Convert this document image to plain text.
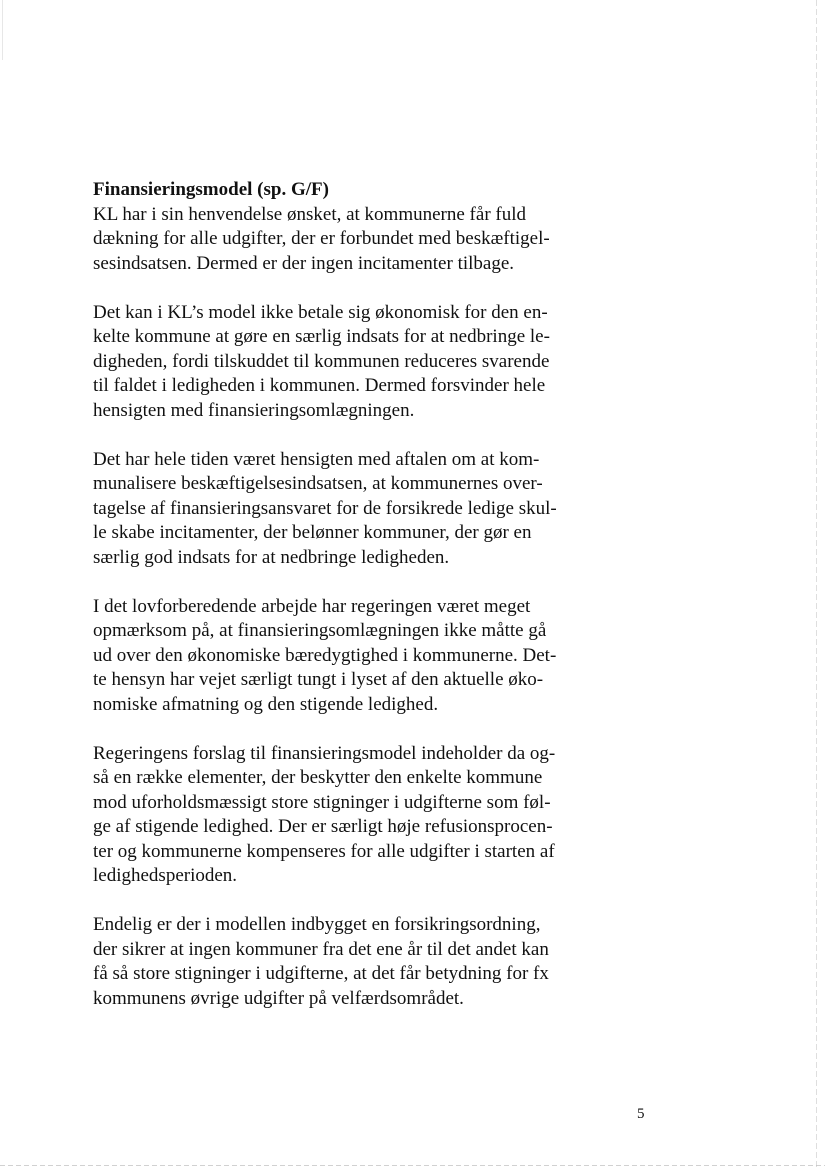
Finansieringsmodel (sp. G/F)

KL har i sin henvendelse ønsket, at kommunerne får fuld
dækning for alle udgifter, der er forbundet med beskæftigel-
sesindsatsen. Dermed er der ingen incitamenter tilbage.

Det kan i KL’s model ikke betale sig økonomisk for den en-
kelte kommune at gøre en særlig indsats for at nedbringe le-
digheden, fordi tilskuddet til kommunen reduceres svarende
til faldet i ledigheden i kommunen. Dermed forsvinder hele
hensigten med finansieringsomlægningen.

Det har hele tiden været hensigten med aftalen om at kom-
munalisere beskæftigelsesindsatsen, at kommunernes over-
tagelse af finansieringsansvaret for de forsikrede ledige skul-
le skabe incitamenter, der belønner kommuner, der gør en
særlig god indsats for at nedbringe ledigheden.

I det lovforberedende arbejde har regeringen været meget
opmærksom på, at finansieringsomlægningen ikke måtte gå
ud over den økonomiske bæredygtighed i kommunerne. Det-
te hensyn har vejet særligt tungt i lyset af den aktuelle øko-
nomiske afmatning og den stigende ledighed.

Regeringens forslag til finansieringsmodel indeholder da og-
så en række elementer, der beskytter den enkelte kommune
mod uforholdsmæssigt store stigninger i udgifterne som føl-
ge af stigende ledighed. Der er særligt høje refusionsprocen-
ter og kommunerne kompenseres for alle udgifter i starten af
ledighedsperioden.

Endelig er der i modellen indbygget en forsikringsordning,
der sikrer at ingen kommuner fra det ene år til det andet kan
få så store stigninger i udgifterne, at det får betydning for fx
kommunens øvrige udgifter på velfærdsområdet.

5
